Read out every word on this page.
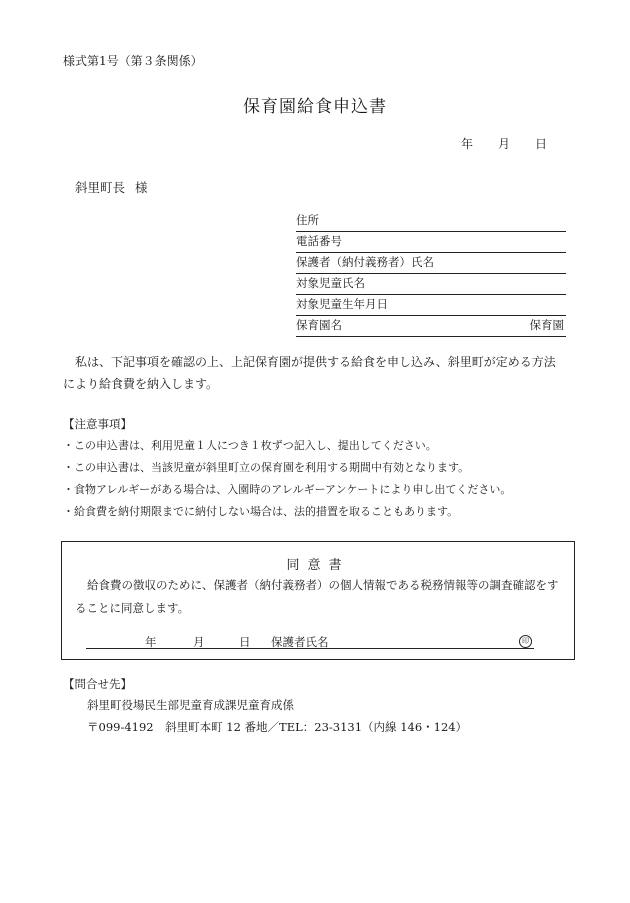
様式第1号（第３条関係）
保育園給食申込書
年	月	日
斜里町長 様
住所
電話番号
保護者（納付義務者）氏名
対象児童氏名
対象児童生年月日
保育園名	保育園
私は、下記事項を確認の上、上記保育園が提供する給食を申し込み、斜里町が定める方法により給食費を納入します。
【注意事項】
・ この申込書は、利用児童１人につき１枚ずつ記入し、提出してください。
・ この申込書は、当該児童が斜里町立の保育園を利用する期間中有効となります。
・ 食物アレルギーがある場合は、入園時のアレルギーアンケートにより申し出てください。
・ 給食費を納付期限までに納付しない場合は、法的措置を取ることもあります。
同意書
給食費の徴収のために、保護者（納付義務者）の個人情報である税務情報等の調査確認をすることに同意します。
年	月	日 保護者氏名	印
【問合せ先】
斜里町役場民生部児童育成課児童育成係
〒099-4192　斜里町本町 12 番地／TEL：23-3131（内線 146・124）
